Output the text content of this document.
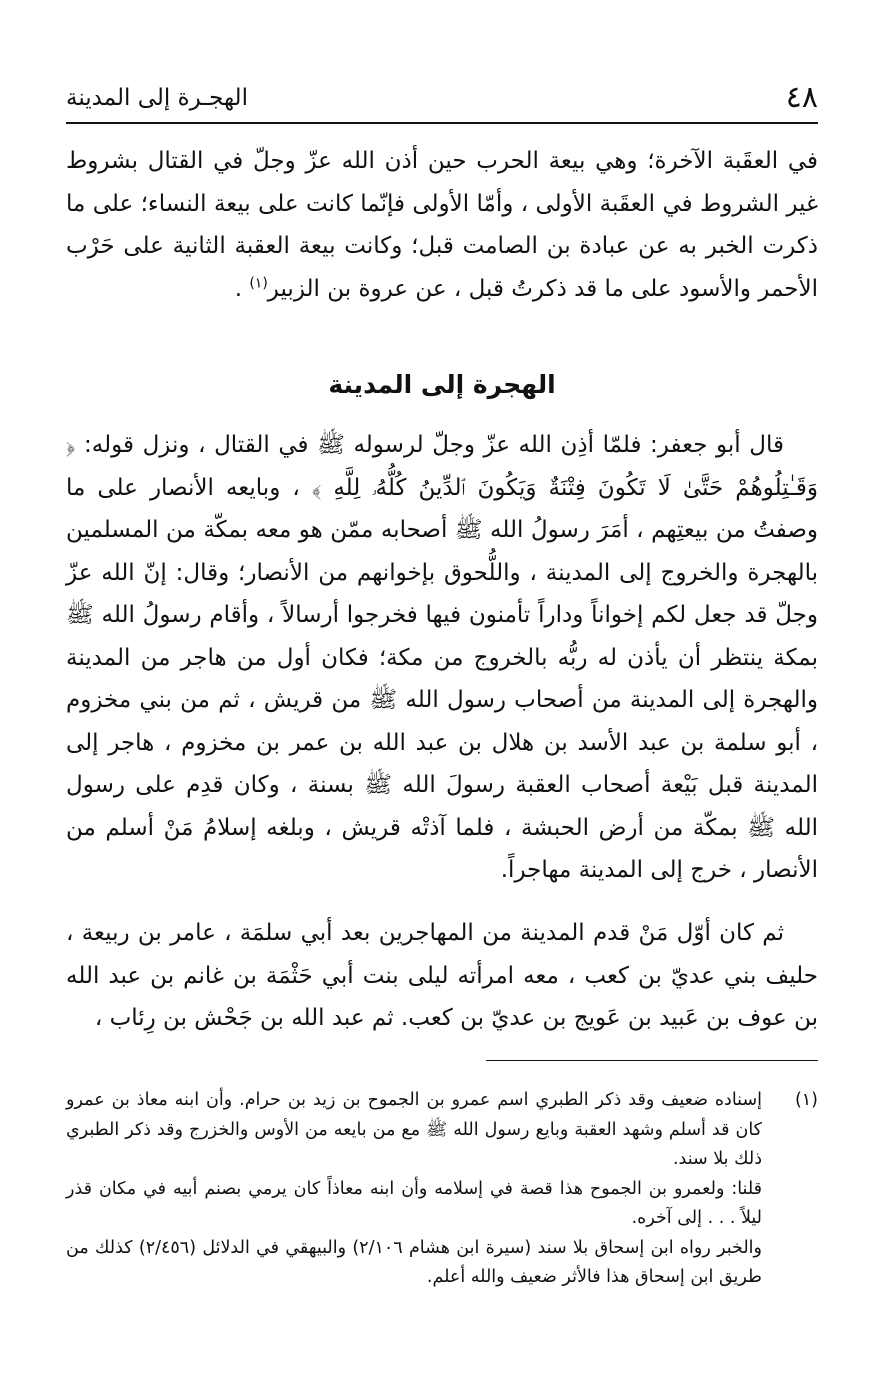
٤٨
الهجـرة إلى المدينة

في العقَبة الآخرة؛ وهي بيعة الحرب حين أذن الله عزّ وجلّ في القتال بشروط غير الشروط في العقَبة الأولى ، وأمّا الأولى فإنّما كانت على بيعة النساء؛ على ما ذكرت الخبر به عن عبادة بن الصامت قبل؛ وكانت بيعة العقبة الثانية على حَرْب الأحمر والأسود على ما قد ذكرتُ قبل ، عن عروة بن الزبير$^{(١)}$ .

الهجرة إلى المدينة

قال أبو جعفر: فلمّا أذِن الله عزّ وجلّ لرسوله ﷺ في القتال ، ونزل قوله: ﴿ وَقَـٰتِلُوهُمْ حَتَّىٰ لَا تَكُونَ فِتْنَةٌ وَيَكُونَ ٱلدِّينُ كُلُّهُۥ لِلَّهِ ﴾ ، وبايعه الأنصار على ما وصفتُ من بيعتِهم ، أمَرَ رسولُ الله ﷺ أصحابه ممّن هو معه بمكّة من المسلمين بالهجرة والخروج إلى المدينة ، واللُّحوق بإخوانهم من الأنصار؛ وقال: إنّ الله عزّ وجلّ قد جعل لكم إخواناً وداراً تأمنون فيها فخرجوا أرسالاً ، وأقام رسولُ الله ﷺ بمكة ينتظر أن يأذن له ربُّه بالخروج من مكة؛ فكان أول من هاجر من المدينة والهجرة إلى المدينة من أصحاب رسول الله ﷺ من قريش ، ثم من بني مخزوم ، أبو سلمة بن عبد الأسد بن هلال بن عبد الله بن عمر بن مخزوم ، هاجر إلى المدينة قبل بَيْعة أصحاب العقبة رسولَ الله ﷺ بسنة ، وكان قدِم على رسول الله ﷺ بمكّة من أرض الحبشة ، فلما آذتْه قريش ، وبلغه إسلامُ مَنْ أسلم من الأنصار ، خرج إلى المدينة مهاجراً.

ثم كان أوّل مَنْ قدم المدينة من المهاجرين بعد أبي سلمَة ، عامر بن ربيعة ، حليف بني عديّ بن كعب ، معه امرأته ليلى بنت أبي حَثْمَة بن غانم بن عبد الله بن عوف بن عَبيد بن عَويج بن عديّ بن كعب. ثم عبد الله بن جَحْش بن رِئاب ،

(١)

إسناده ضعيف وقد ذكر الطبري اسم عمرو بن الجموح بن زيد بن حرام. وأن ابنه معاذ بن عمرو كان قد أسلم وشهد العقبة وبايع رسول الله ﷺ مع من بايعه من الأوس والخزرج وقد ذكر الطبري ذلك بلا سند.

قلنا: ولعمرو بن الجموح هذا قصة في إسلامه وأن ابنه معاذاً كان يرمي بصنم أبيه في مكان قذر ليلاً . . . إلى آخره.

والخبر رواه ابن إسحاق بلا سند (سيرة ابن هشام ٢/١٠٦) والبيهقي في الدلائل (٢/٤٥٦) كذلك من طريق ابن إسحاق هذا فالأثر ضعيف والله أعلم.
